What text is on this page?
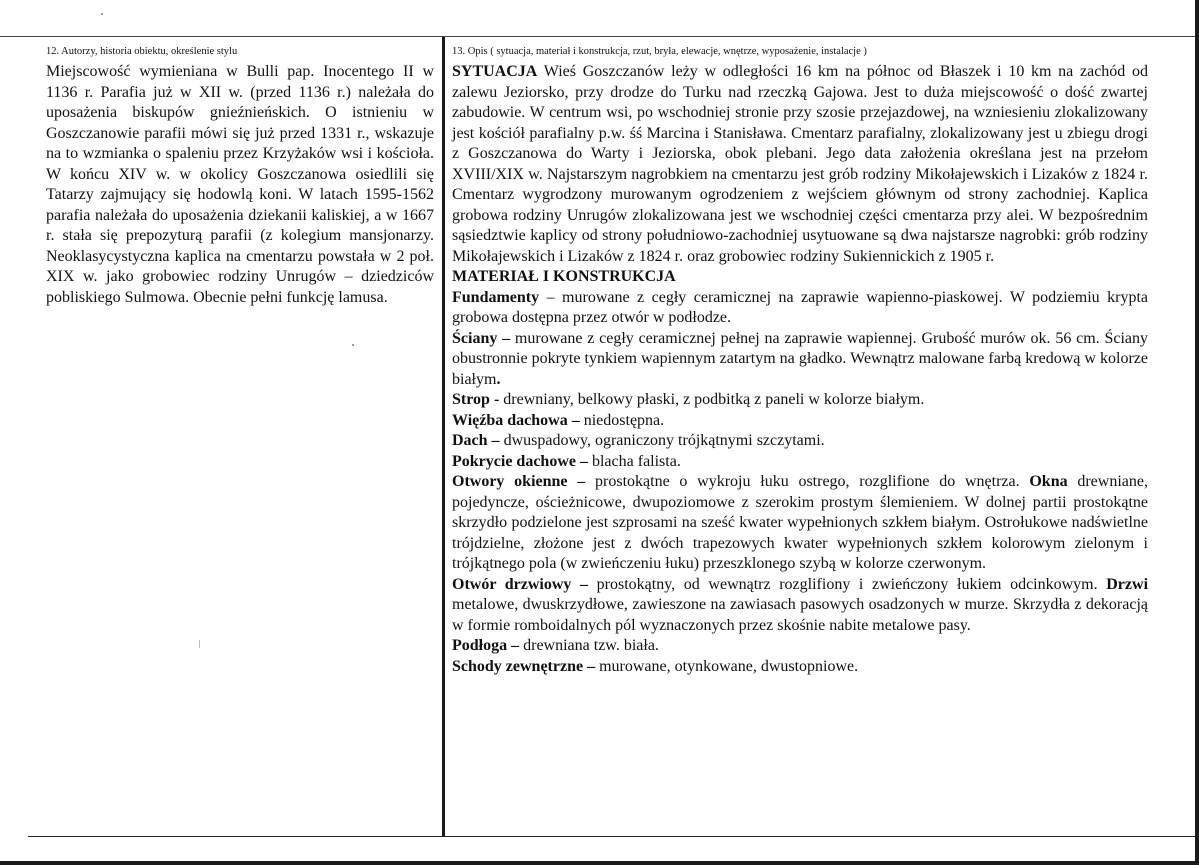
12. Autorzy, historia obiektu, określenie stylu

Miejscowość wymieniana w Bulli pap. Inocentego II w 1136 r. Parafia już w XII w. (przed 1136 r.) należała do uposażenia biskupów gnieźnieńskich. O istnieniu w Goszczanowie parafii mówi się już przed 1331 r., wskazuje na to wzmianka o spaleniu przez Krzyżaków wsi i kościoła. W końcu XIV w. w okolicy Goszczanowa osiedlili się Tatarzy zajmujący się hodowlą koni. W latach 1595-1562 parafia należała do uposażenia dziekanii kaliskiej, a w 1667 r. stała się prepozyturą parafii (z kolegium mansjonarzy. Neoklasycystyczna kaplica na cmentarzu powstała w 2 poł. XIX w. jako grobowiec rodziny Unrugów – dziedziców pobliskiego Sulmowa. Obecnie pełni funkcję lamusa.

13. Opis ( sytuacja, materiał i konstrukcja, rzut, bryła, elewacje, wnętrze, wyposażenie, instalacje )

SYTUACJA Wieś Goszczanów leży w odległości 16 km na północ od Błaszek i 10 km na zachód od zalewu Jeziorsko, przy drodze do Turku nad rzeczką Gajowa. Jest to duża miejscowość o dość zwartej zabudowie. W centrum wsi, po wschodniej stronie przy szosie przejazdowej, na wzniesieniu zlokalizowany jest kościół parafialny p.w. śś Marcina i Stanisława. Cmentarz parafialny, zlokalizowany jest u zbiegu drogi z Goszczanowa do Warty i Jeziorska, obok plebani. Jego data założenia określana jest na przełom XVIII/XIX w. Najstarszym nagrobkiem na cmentarzu jest grób rodziny Mikołajewskich i Lizaków z 1824 r. Cmentarz wygrodzony murowanym ogrodzeniem z wejściem głównym od strony zachodniej. Kaplica grobowa rodziny Unrugów zlokalizowana jest we wschodniej części cmentarza przy alei. W bezpośrednim sąsiedztwie kaplicy od strony południowo-zachodniej usytuowane są dwa najstarsze nagrobki: grób rodziny Mikołajewskich i Lizaków z 1824 r. oraz grobowiec rodziny Sukiennickich z 1905 r.

MATERIAŁ I KONSTRUKCJA

Fundamenty – murowane z cegły ceramicznej na zaprawie wapienno-piaskowej. W podziemiu krypta grobowa dostępna przez otwór w podłodze.

Ściany – murowane z cegły ceramicznej pełnej na zaprawie wapiennej. Grubość murów ok. 56 cm. Ściany obustronnie pokryte tynkiem wapiennym zatartym na gładko. Wewnątrz malowane farbą kredową w kolorze białym.

Strop - drewniany, belkowy płaski, z podbitką z paneli w kolorze białym.

Więźba dachowa – niedostępna.

Dach – dwuspadowy, ograniczony trójkątnymi szczytami.

Pokrycie dachowe – blacha falista.

Otwory okienne – prostokątne o wykroju łuku ostrego, rozglifione do wnętrza. Okna drewniane, pojedyncze, ościeżnicowe, dwupoziomowe z szerokim prostym ślemieniem. W dolnej partii prostokątne skrzydło podzielone jest szprosami na sześć kwater wypełnionych szkłem białym. Ostrołukowe nadświetlne trójdzielne, złożone jest z dwóch trapezowych kwater wypełnionych szkłem kolorowym zielonym i trójkątnego pola (w zwieńczeniu łuku) przeszklonego szybą w kolorze czerwonym.

Otwór drzwiowy – prostokątny, od wewnątrz rozglifiony i zwieńczony łukiem odcinkowym. Drzwi metalowe, dwuskrzydłowe, zawieszone na zawiasach pasowych osadzonych w murze. Skrzydła z dekoracją w formie romboidalnych pól wyznaczonych przez skośnie nabite metalowe pasy.

Podłoga – drewniana tzw. biała.

Schody zewnętrzne – murowane, otynkowane, dwustopniowe.
